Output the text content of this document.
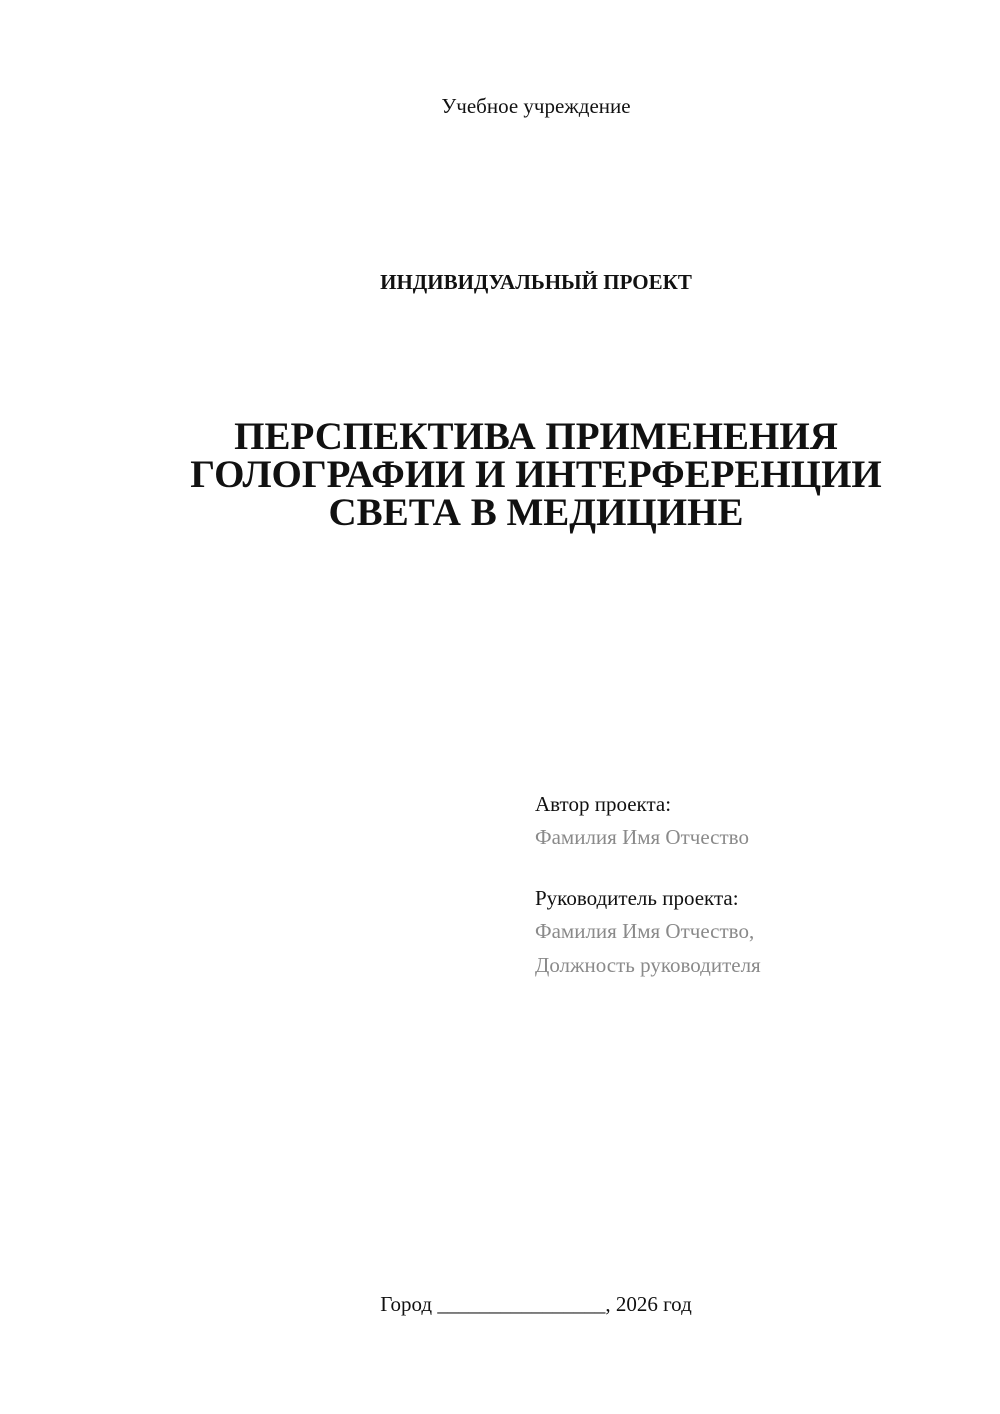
Учебное учреждение
ИНДИВИДУАЛЬНЫЙ ПРОЕКТ
ПЕРСПЕКТИВА ПРИМЕНЕНИЯ
ГОЛОГРАФИИ И ИНТЕРФЕРЕНЦИИ
СВЕТА В МЕДИЦИНЕ
Автор проекта:
Фамилия Имя Отчество
Руководитель проекта:
Фамилия Имя Отчество,
Должность руководителя
Город ________________, 2026 год
